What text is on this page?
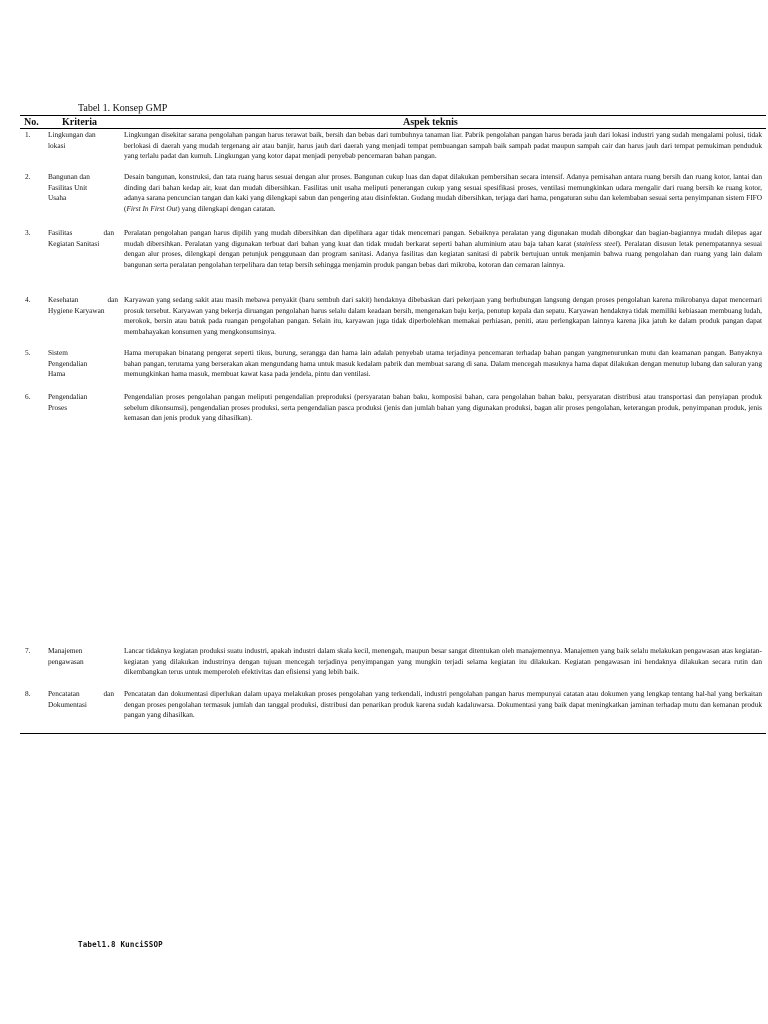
Tabel 1. Konsep GMP
No. Kriteria	Aspek teknis
1. Lingkungan dan lokasi
Lingkungan disekitar sarana pengolahan pangan harus terawat baik, bersih dan bebas dari tumbuhnya tanaman liar. Pabrik pengolahan pangan harus berada jauh dari lokasi industri yang sudah mengalami polusi, tidak berlokasi di daerah yang mudah tergenang air atau banjir, harus jauh dari daerah yang menjadi tempat pembuangan sampah baik sampah padat maupun sampah cair dan harus jauh dari tempat pemukiman penduduk yang terlalu padat dan kumuh. Lingkungan yang kotor dapat menjadi penyebab pencemaran bahan pangan.
2. Bangunan dan Fasilitas Unit Usaha
Desain bangunan, konstruksi, dan tata ruang harus sesuai dengan alur proses. Bangunan cukup luas dan dapat dilakukan pembersihan secara intensif. Adanya pemisahan antara ruang bersih dan ruang kotor, lantai dan dinding dari bahan kedap air, kuat dan mudah dibersihkan. Fasilitas unit usaha meliputi penerangan cukup yang sesuai spesifikasi proses, ventilasi memungkinkan udara mengalir dari ruang bersih ke ruang kotor, adanya sarana pencuncian tangan dan kaki yang dilengkapi sabun dan pengering atau disinfektan. Gudang mudah dibersihkan, terjaga dari hama, pengaturan suhu dan kelembaban sesuai serta penyimpanan sistem FIFO (First In First Out) yang dilengkapi dengan catatan.
3. Fasilitas	dan
Kegiatan Sanitasi
Peralatan pengolahan pangan harus dipilih yang mudah dibersihkan dan dipelihara agar tidak mencemari pangan. Sebaiknya peralatan yang digunakan mudah dibongkar dan bagian-bagiannya mudah dilepas agar mudah dibersihkan. Peralatan yang digunakan terbuat dari bahan yang kuat dan tidak mudah berkarat seperti bahan aluminium atau baja tahan karat (stainless steel). Peralatan disusun letak penempatannya sesuai dengan alur proses, dilengkapi dengan petunjuk penggunaan dan program sanitasi. Adanya fasilitas dan kegiatan sanitasi di pabrik bertujuan untuk menjamin bahwa ruang pengolahan dan ruang yang lain dalam bangunan serta peralatan pengolahan terpelihara dan tetap bersih sehingga menjamin produk pangan bebas dari mikroba, kotoran dan cemaran lainnya.
4. Kesehatan	dan
Hygiene Karyawan
Karyawan yang sedang sakit atau masih mebawa penyakit (baru sembuh dari sakit) hendaknya dibebaskan dari pekerjaan yang berhubungan langsung dengan proses pengolahan karena mikrobanya dapat mencemari prosuk tersebut. Karyawan yang bekerja diruangan pengolahan harus selalu dalam keadaan bersih, mengenakan baju kerja, penutup kepala dan sepatu. Karyawan hendaknya tidak memiliki kebiasaan membuang ludah, merokok, bersin atau batuk pada ruangan pengolahan pangan. Selain itu, karyawan juga tidak diperbolehkan memakai perhiasan, peniti, atau perlengkapan lainnya karena jika jatuh ke dalam produk pangan dapat membahayakan konsumen yang mengkonsumsinya.
5. Sistem Pengendalian Hama
Hama merupakan binatang pengerat seperti tikus, burung, serangga dan hama lain adalah penyebab utama terjadinya pencemaran terhadap bahan pangan yangmenurunkan mutu dan keamanan pangan. Banyaknya bahan pangan, terutama yang berserakan akan mengundang hama untuk masuk kedalam pabrik dan membuat sarang di sana. Dalam mencegah masuknya hama dapat dilakukan dengan menutup lubang dan saluran yang memungkinkan hama masuk, membuat kawat kasa pada jendela, pintu dan ventilasi.
6. Pengendalian Proses
Pengendalian proses pengolahan pangan meliputi pengendalian preproduksi (persyaratan bahan baku, komposisi bahan, cara pengolahan bahan baku, persyaratan distribusi atau transportasi dan penyiapan produk sebelum dikonsumsi), pengendalian proses produksi, serta pengendalian pasca produksi (jenis dan jumlah bahan yang digunakan produksi, bagan alir proses pengolahan, keterangan produk, penyimpanan produk, jenis kemasan dan jenis produk yang dihasilkan).
7. Manajemen pengawasan
Lancar tidaknya kegiatan produksi suatu industri, apakah industri dalam skala kecil, menengah, maupun besar sangat ditentukan oleh manajemennya. Manajemen yang baik selalu melakukan pengawasan atas kegiatan-kegiatan yang dilakukan industrinya dengan tujuan mencegah terjadinya penyimpangan yang mungkin terjadi selama kegiatan itu dilakukan. Kegiatan pengawasan ini hendaknya dilakukan secara rutin dan dikembangkan terus untuk memperoleh efektivitas dan efisiensi yang lebih baik.
8. Pencatatan	dan
Dokumentasi
Pencatatan dan dokumentasi diperlukan dalam upaya melakukan proses pengolahan yang terkendali, industri pengolahan pangan harus mempunyai catatan atau dokumen yang lengkap tentang hal-hal yang berkaitan dengan proses pengolahan termasuk jumlah dan tanggal produksi, distribusi dan penarikan produk karena sudah kadaluwarsa. Dokumentasi yang baik dapat meningkatkan jaminan terhadap mutu dan kemanan produk pangan yang dihasilkan.
Tabel1.8 KunciSSOP
